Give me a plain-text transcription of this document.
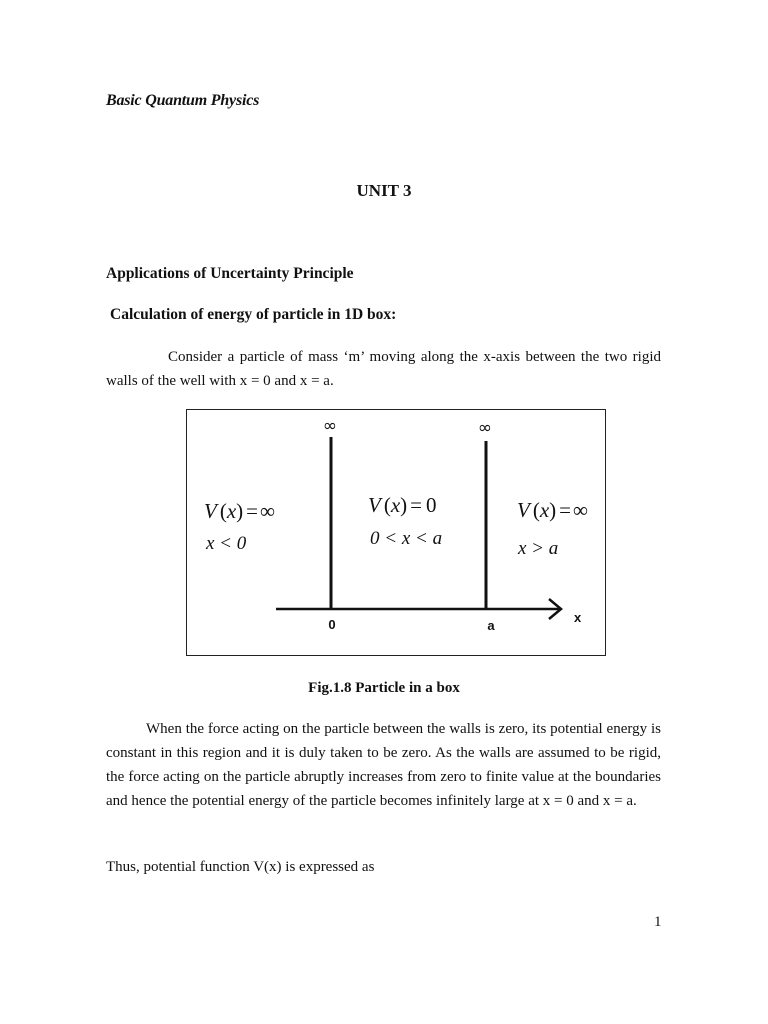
Basic Quantum Physics
UNIT 3
Applications of Uncertainty Principle
Calculation of energy of particle in 1D box:
Consider a particle of mass ‘m’ moving along the x-axis between the two rigid walls of the well with x = 0 and x = a.
∞	∞
0	a
x
V (x) =∞
x < 0
V (x) = 0
0 < x < a
V (x) =∞
x > a
Fig.1.8 Particle in a box
When the force acting on the particle between the walls is zero, its potential energy is constant in this region and it is duly taken to be zero. As the walls are assumed to be rigid, the force acting on the particle abruptly increases from zero to finite value at the boundaries and hence the potential energy of the particle becomes infinitely large at x = 0 and x = a.
Thus, potential function V(x) is expressed as
1
